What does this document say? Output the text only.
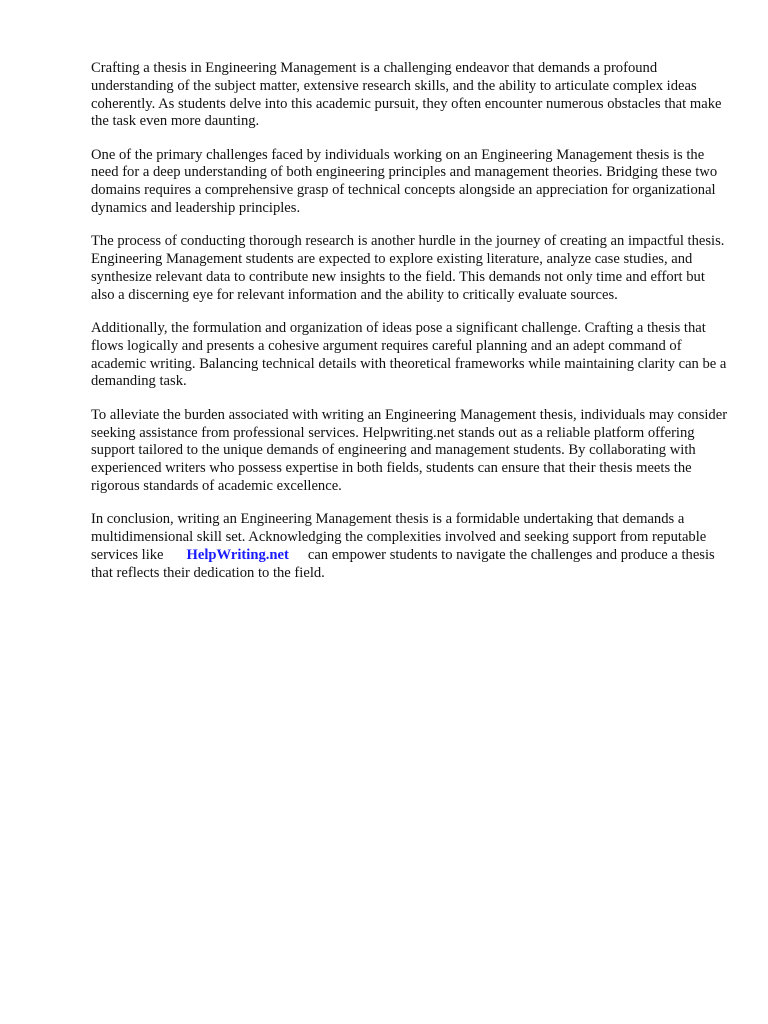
Crafting a thesis in Engineering Management is a challenging endeavor that demands a profound understanding of the subject matter, extensive research skills, and the ability to articulate complex ideas coherently. As students delve into this academic pursuit, they often encounter numerous obstacles that make the task even more daunting.

One of the primary challenges faced by individuals working on an Engineering Management thesis is the need for a deep understanding of both engineering principles and management theories. Bridging these two domains requires a comprehensive grasp of technical concepts alongside an appreciation for organizational dynamics and leadership principles.

The process of conducting thorough research is another hurdle in the journey of creating an impactful thesis. Engineering Management students are expected to explore existing literature, analyze case studies, and synthesize relevant data to contribute new insights to the field. This demands not only time and effort but also a discerning eye for relevant information and the ability to critically evaluate sources.

Additionally, the formulation and organization of ideas pose a significant challenge. Crafting a thesis that flows logically and presents a cohesive argument requires careful planning and an adept command of academic writing. Balancing technical details with theoretical frameworks while maintaining clarity can be a demanding task.

To alleviate the burden associated with writing an Engineering Management thesis, individuals may consider seeking assistance from professional services. Helpwriting.net stands out as a reliable platform offering support tailored to the unique demands of engineering and management students. By collaborating with experienced writers who possess expertise in both fields, students can ensure that their thesis meets the rigorous standards of academic excellence.

In conclusion, writing an Engineering Management thesis is a formidable undertaking that demands a multidimensional skill set. Acknowledging the complexities involved and seeking support from reputable services like HelpWriting.net can empower students to navigate the challenges and produce a thesis that reflects their dedication to the field.
